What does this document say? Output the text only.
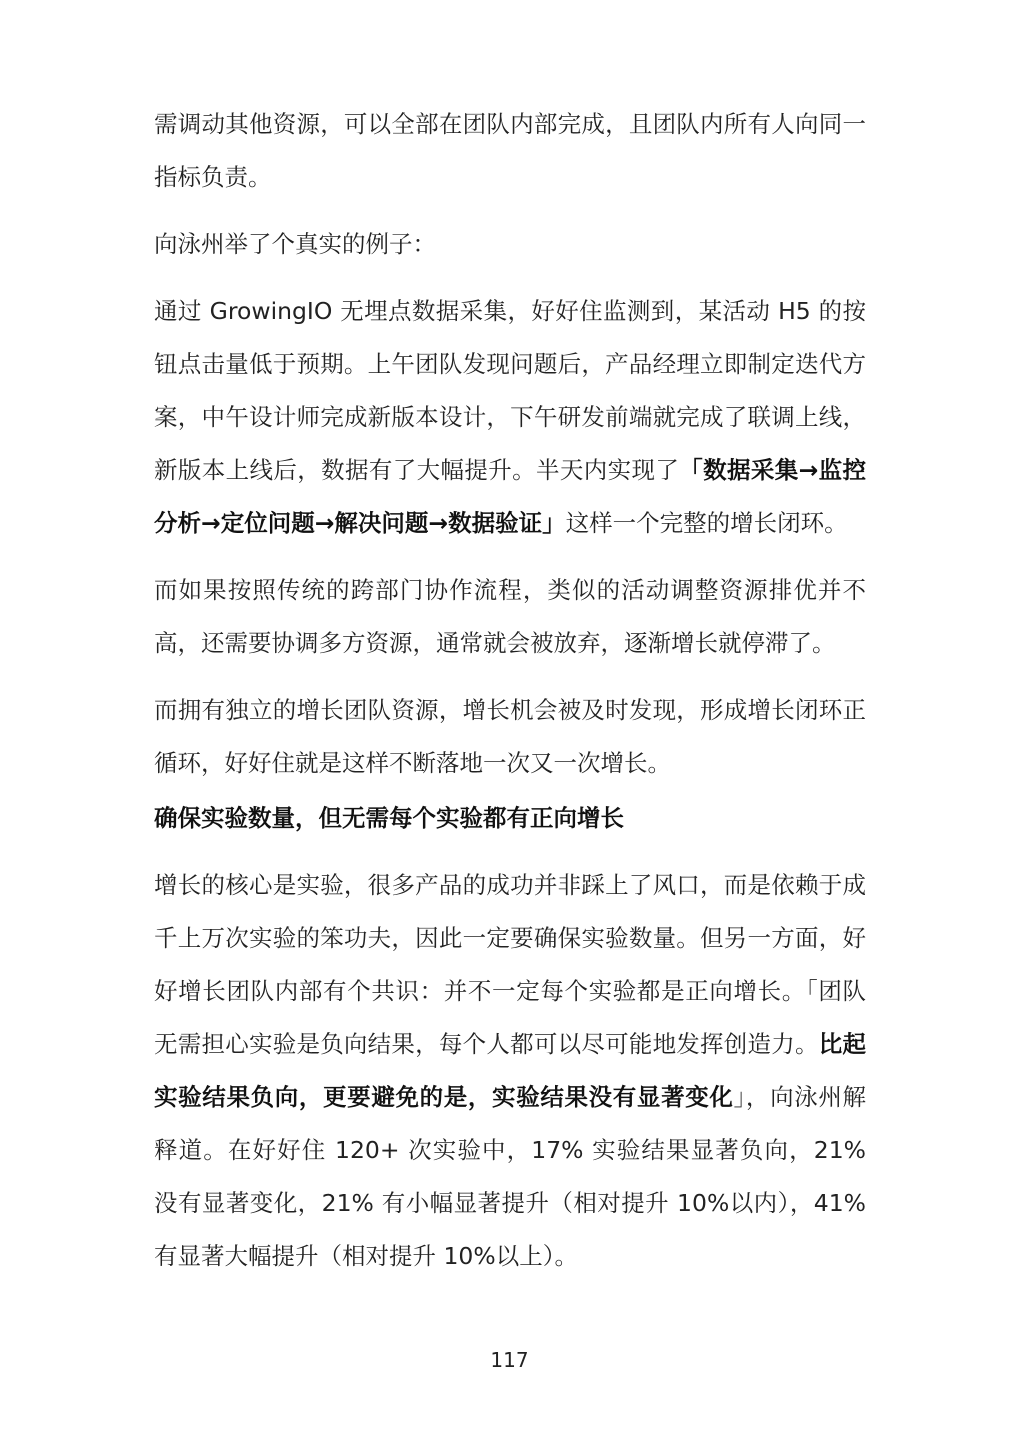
需调动其他资源，可以全部在团队内部完成，且团队内所有人向同一指标负责。

向泳州举了个真实的例子：

通过 GrowingIO 无埋点数据采集，好好住监测到，某活动 H5 的按钮点击量低于预期。上午团队发现问题后，产品经理立即制定迭代方案，中午设计师完成新版本设计，下午研发前端就完成了联调上线，新版本上线后，数据有了大幅提升。半天内实现了「数据采集→监控分析→定位问题→解决问题→数据验证」这样一个完整的增长闭环。

而如果按照传统的跨部门协作流程，类似的活动调整资源排优并不高，还需要协调多方资源，通常就会被放弃，逐渐增长就停滞了。

而拥有独立的增长团队资源，增长机会被及时发现，形成增长闭环正循环，好好住就是这样不断落地一次又一次增长。

确保实验数量，但无需每个实验都有正向增长

增长的核心是实验，很多产品的成功并非踩上了风口，而是依赖于成千上万次实验的笨功夫，因此一定要确保实验数量。但另一方面，好好增长团队内部有个共识：并不一定每个实验都是正向增长。「团队无需担心实验是负向结果，每个人都可以尽可能地发挥创造力。比起实验结果负向，更要避免的是，实验结果没有显著变化」，向泳州解释道。在好好住 120+ 次实验中，17% 实验结果显著负向，21% 没有显著变化，21% 有小幅显著提升（相对提升 10%以内），41% 有显著大幅提升（相对提升 10%以上）。

117
